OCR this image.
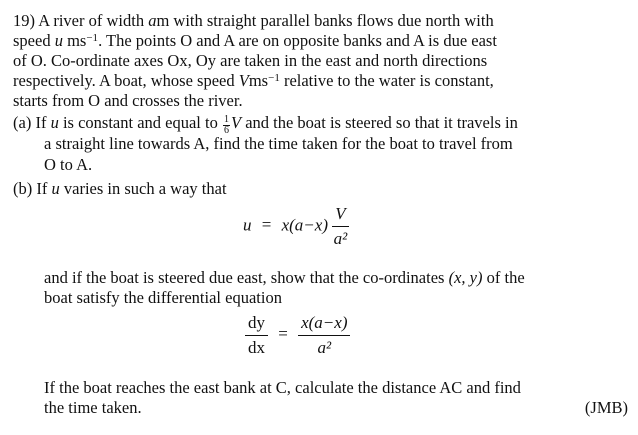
19) A river of width am with straight parallel banks flows due north with
speed u $ms^{-1}$. The points O and A are on opposite banks and A is due east
of O. Co-ordinate axes Ox, Oy are taken in the east and north directions
respectively. A boat, whose speed Vms$^{-1}$ relative to the water is constant,
starts from O and crosses the river.
(a) If u is constant and equal to $\frac{1}{6}$ V and the boat is steered so that it travels in
a straight line towards A, find the time taken for the boat to travel from
O to A.
(b) If u varies in such a way that
$u = x(a-x) \frac{V}{\text{a²}}$
and if the boat is steered due east, show that the co-ordinates (x, y) of the
boat satisfy the differential equation
$\frac{dy}{dx} = \frac{x(a-x)}{\text{a²}}$
If the boat reaches the east bank at C, calculate the distance AC and find
the time taken.	(JMB)
